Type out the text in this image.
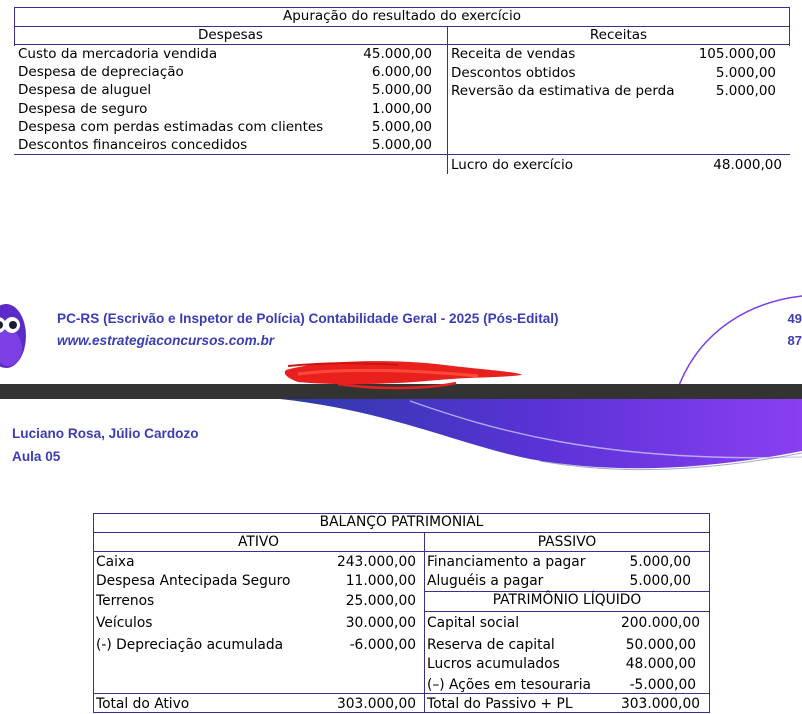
Apuração do resultado do exercício
Despesas	Receitas
Custo da mercadoria vendida	45.000,00
Despesa de depreciação	6.000,00
Despesa de aluguel	5.000,00
Despesa de seguro	1.000,00
Despesa com perdas estimadas com clientes	5.000,00
Descontos financeiros concedidos	5.000,00
Receita de vendas	105.000,00
Descontos obtidos	5.000,00
Reversão da estimativa de perda	5.000,00
Lucro do exercício	48.000,00
PC-RS (Escrivão e Inspetor de Polícia) Contabilidade Geral - 2025 (Pós-Edital)
www.estrategiaconcursos.com.br
49
87
Luciano Rosa, Júlio Cardozo
Aula 05
BALANÇO PATRIMONIAL
ATIVO	PASSIVO
Caixa	243.000,00
Despesa Antecipada Seguro	11.000,00
Terrenos	25.000,00
Veículos	30.000,00
(-) Depreciação acumulada	-6.000,00
Financiamento a pagar	5.000,00
Aluguéis a pagar	5.000,00
PATRIMÔNIO LÍQUIDO
Capital social	200.000,00
Reserva de capital	50.000,00
Lucros acumulados	48.000,00
(–) Ações em tesouraria	-5.000,00
Total do Ativo	303.000,00 Total do Passivo + PL	303.000,00
